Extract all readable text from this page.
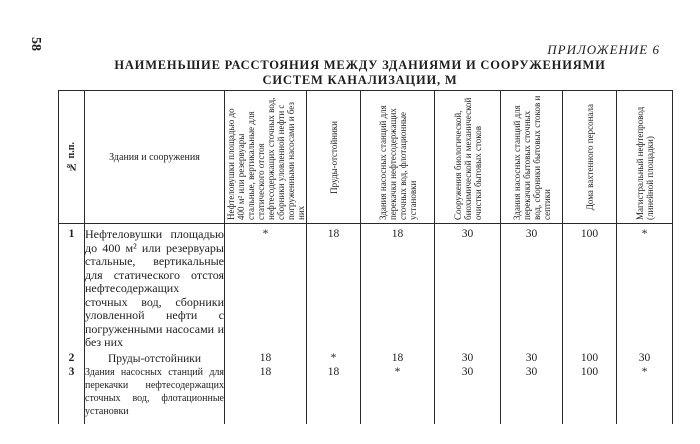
58	ПРИЛОЖЕНИЕ 6
НАИМЕНЬШИЕ РАССТОЯНИЯ МЕЖДУ ЗДАНИЯМИ И СООРУЖЕНИЯМИ
СИСТЕМ КАНАЛИЗАЦИИ, М
№ п.п.	Здания и сооружения	Нефтеловушки площадью до 400 м² или резервуары стальные, вертикальные для статического отстоя нефтесодержащих сточных вод, сборники уловленной нефти с погруженными насосами и без них	Пруды-отстойники	Здания насосных станций для перекачки нефтесодержащих сточных вод, флотационные установки	Сооружения биологической, биохимической и механической очистки бытовых стоков	Здания насосных станций для перекачки бытовых сточных вод, сборники бытовых стоков и септики	Дома вахтенного персонала	Магистральный нефтепровод (линейной площадки)

1	Нефтеловушки площадью до 400 м² или резервуары стальные, вертикальные для статического отстоя нефтесодержащих сточных вод, сборники уловленной нефти с погруженными насосами и без них	*	18	18	30	30	100	*
2	Пруды-отстойники	18	*	18	30	30	100	30
3	Здания насосных станций для перекачки нефтесодержащих сточных вод, флотационные установки	18	18	*	30	30	100	*
